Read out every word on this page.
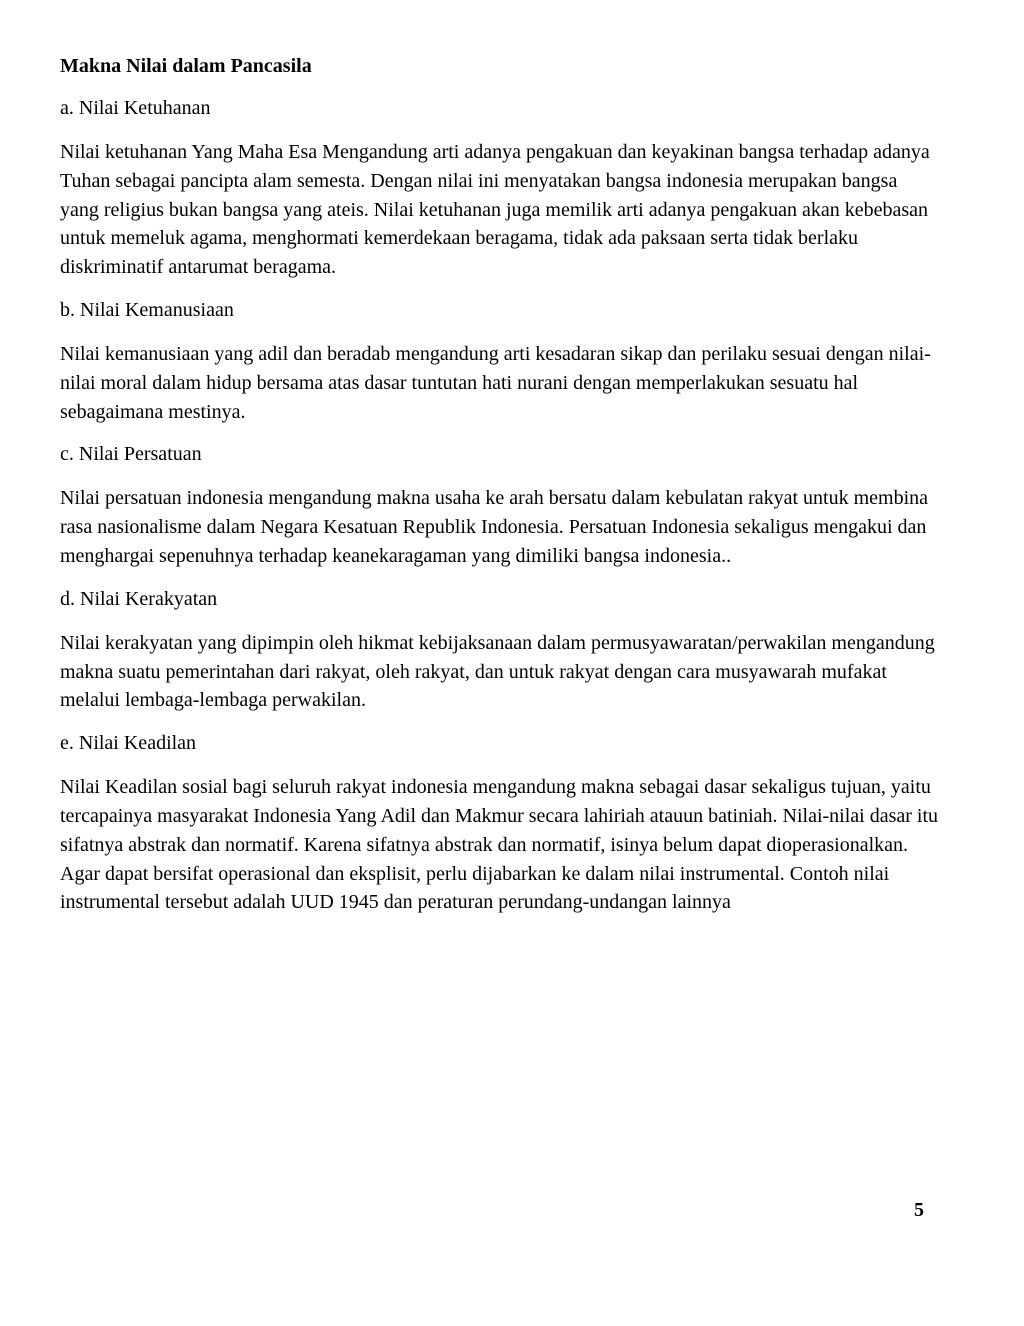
Makna Nilai dalam Pancasila
a. Nilai Ketuhanan
Nilai ketuhanan Yang Maha Esa Mengandung arti adanya pengakuan dan keyakinan bangsa terhadap adanya Tuhan sebagai pancipta alam semesta. Dengan nilai ini menyatakan bangsa indonesia merupakan bangsa yang religius bukan bangsa yang ateis. Nilai ketuhanan juga memilik arti adanya pengakuan akan kebebasan untuk memeluk agama, menghormati kemerdekaan beragama, tidak ada paksaan serta tidak berlaku diskriminatif antarumat beragama.
b. Nilai Kemanusiaan
Nilai kemanusiaan yang adil dan beradab mengandung arti kesadaran sikap dan perilaku sesuai dengan nilai-nilai moral dalam hidup bersama atas dasar tuntutan hati nurani dengan memperlakukan sesuatu hal sebagaimana mestinya.
c. Nilai Persatuan
Nilai persatuan indonesia mengandung makna usaha ke arah bersatu dalam kebulatan rakyat untuk membina rasa nasionalisme dalam Negara Kesatuan Republik Indonesia. Persatuan Indonesia sekaligus mengakui dan menghargai sepenuhnya terhadap keanekaragaman yang dimiliki bangsa indonesia..
d. Nilai Kerakyatan
Nilai kerakyatan yang dipimpin oleh hikmat kebijaksanaan dalam permusyawaratan/perwakilan mengandung makna suatu pemerintahan dari rakyat, oleh rakyat, dan untuk rakyat dengan cara musyawarah mufakat melalui lembaga-lembaga perwakilan.
e. Nilai Keadilan
Nilai Keadilan sosial bagi seluruh rakyat indonesia mengandung makna sebagai dasar sekaligus tujuan, yaitu tercapainya masyarakat Indonesia Yang Adil dan Makmur secara lahiriah atauun batiniah. Nilai-nilai dasar itu sifatnya abstrak dan normatif. Karena sifatnya abstrak dan normatif, isinya belum dapat dioperasionalkan. Agar dapat bersifat operasional dan eksplisit, perlu dijabarkan ke dalam nilai instrumental. Contoh nilai instrumental tersebut adalah UUD 1945 dan peraturan perundang-undangan lainnya
5
